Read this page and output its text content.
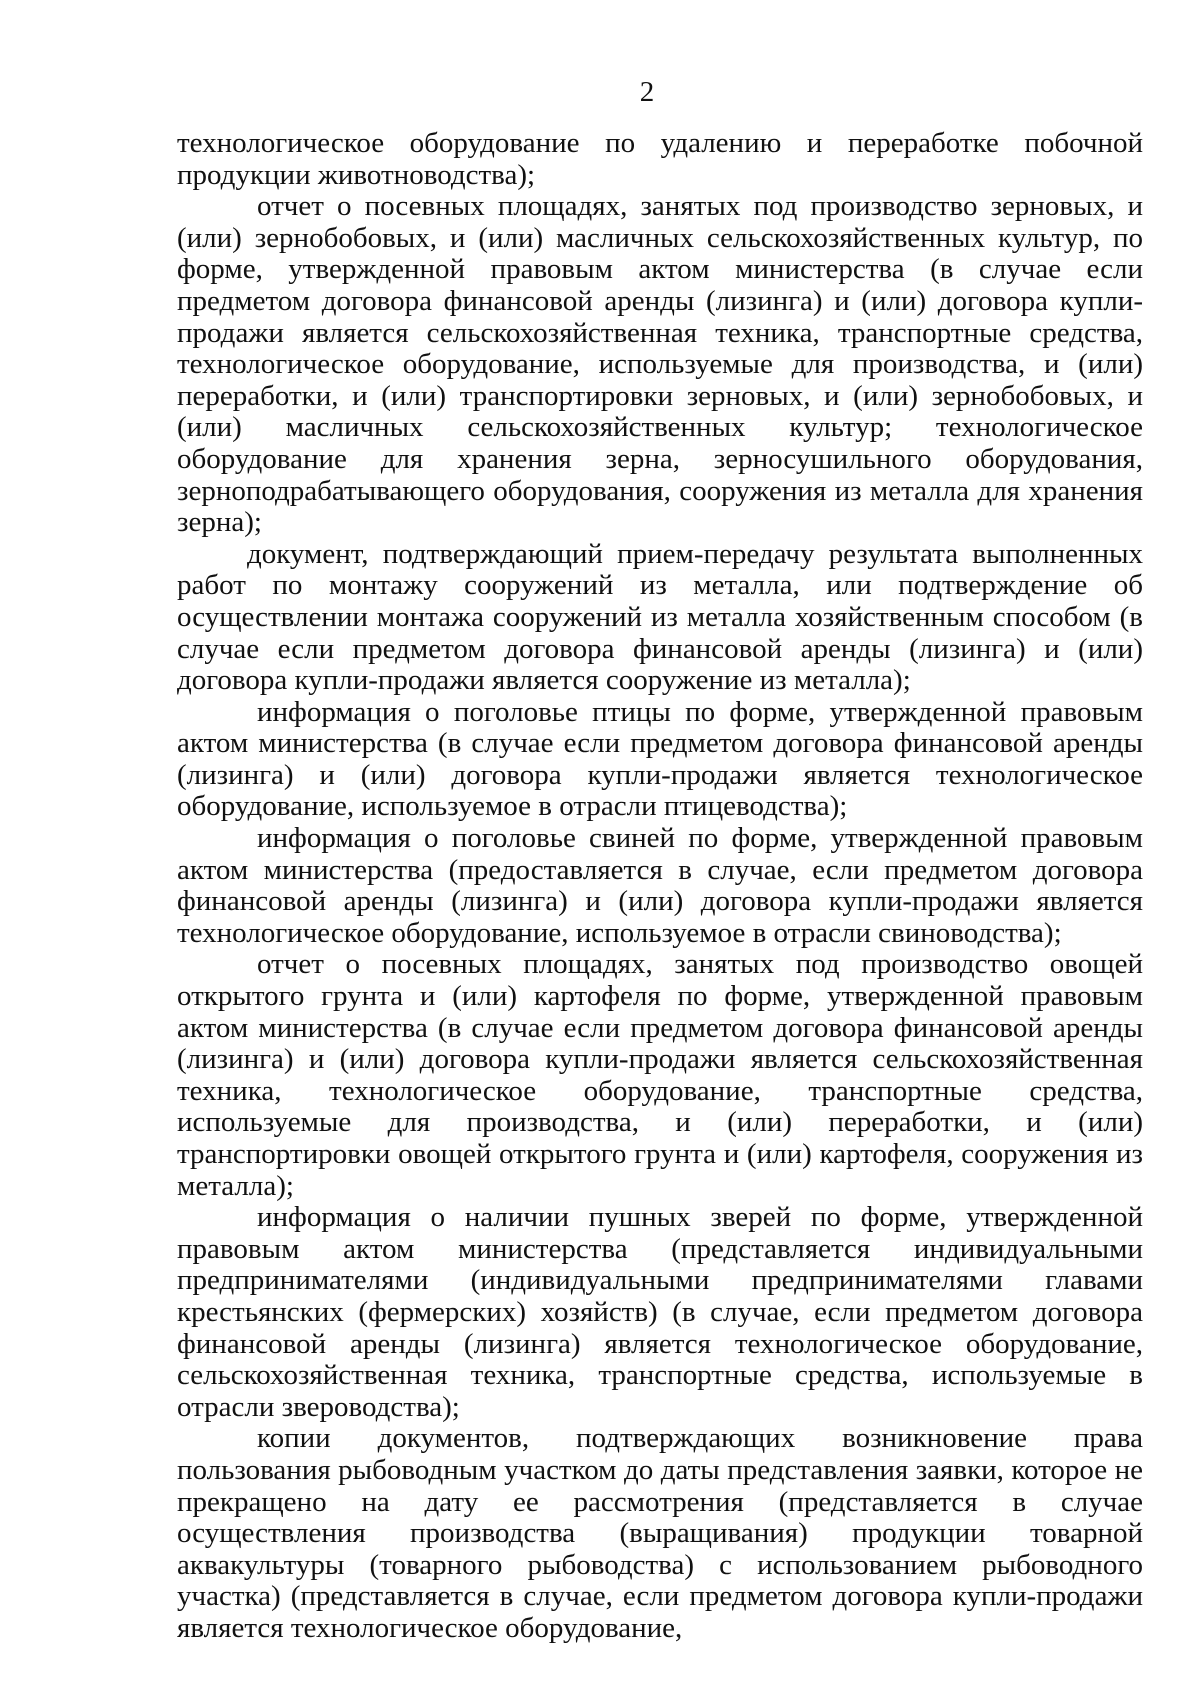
2

технологическое оборудование по удалению и переработке побочной продукции животноводства);

отчет о посевных площадях, занятых под производство зерновых, и (или) зернобобовых, и (или) масличных сельскохозяйственных культур, по форме, утвержденной правовым актом министерства (в случае если предметом договора финансовой аренды (лизинга) и (или) договора купли-продажи является сельскохозяйственная техника, транспортные средства, технологическое оборудование, используемые для производства, и (или) переработки, и (или) транспортировки зерновых, и (или) зернобобовых, и (или) масличных сельскохозяйственных культур; технологическое оборудование для хранения зерна, зерносушильного оборудования, зерноподрабатывающего оборудования, сооружения из металла для хранения зерна);

документ, подтверждающий прием-передачу результата выполненных работ по монтажу сооружений из металла, или подтверждение об осуществлении монтажа сооружений из металла хозяйственным способом (в случае если предметом договора финансовой аренды (лизинга) и (или) договора купли-продажи является сооружение из металла);

информация о поголовье птицы по форме, утвержденной правовым актом министерства (в случае если предметом договора финансовой аренды (лизинга) и (или) договора купли-продажи является технологическое оборудование, используемое в отрасли птицеводства);

информация о поголовье свиней по форме, утвержденной правовым актом министерства (предоставляется в случае, если предметом договора финансовой аренды (лизинга) и (или) договора купли-продажи является технологическое оборудование, используемое в отрасли свиноводства);

отчет о посевных площадях, занятых под производство овощей открытого грунта и (или) картофеля по форме, утвержденной правовым актом министерства (в случае если предметом договора финансовой аренды (лизинга) и (или) договора купли-продажи является сельскохозяйственная техника, технологическое оборудование, транспортные средства, используемые для производства, и (или) переработки, и (или) транспортировки овощей открытого грунта и (или) картофеля, сооружения из металла);

информация о наличии пушных зверей по форме, утвержденной правовым актом министерства (представляется индивидуальными предпринимателями (индивидуальными предпринимателями главами крестьянских (фермерских) хозяйств) (в случае, если предметом договора финансовой аренды (лизинга) является технологическое оборудование, сельскохозяйственная техника, транспортные средства, используемые в отрасли звероводства);

копии документов, подтверждающих возникновение права пользования рыбоводным участком до даты представления заявки, которое не прекращено на дату ее рассмотрения (представляется в случае осуществления производства (выращивания) продукции товарной аквакультуры (товарного рыбоводства) с использованием рыбоводного участка) (представляется в случае, если предметом договора купли-продажи является технологическое оборудование,
